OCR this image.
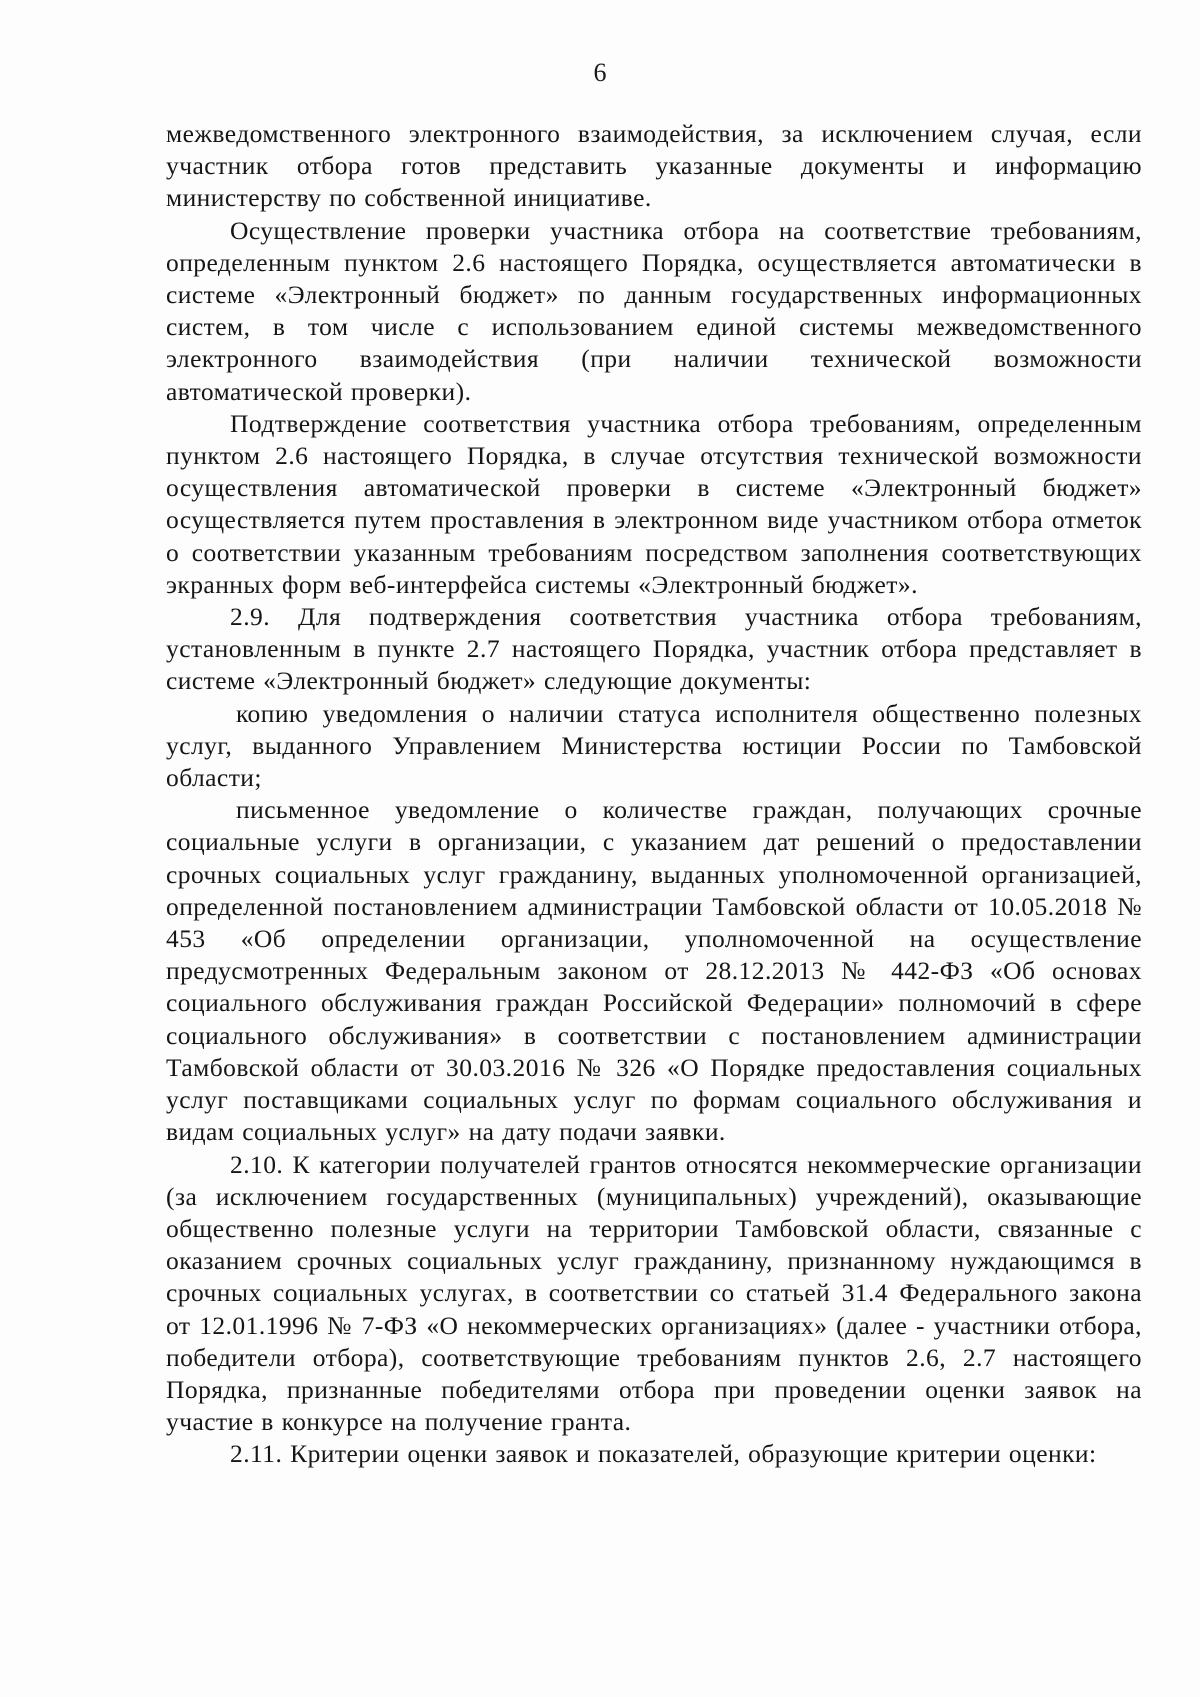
6

межведомственного электронного взаимодействия, за исключением случая, если участник отбора готов представить указанные документы и информацию министерству по собственной инициативе.

Осуществление проверки участника отбора на соответствие требованиям, определенным пунктом 2.6 настоящего Порядка, осуществляется автоматически в системе «Электронный бюджет» по данным государственных информационных систем, в том числе с использованием единой системы межведомственного электронного взаимодействия (при наличии технической возможности автоматической проверки).

Подтверждение соответствия участника отбора требованиям, определенным пунктом 2.6 настоящего Порядка, в случае отсутствия технической возможности осуществления автоматической проверки в системе «Электронный бюджет» осуществляется путем проставления в электронном виде участником отбора отметок о соответствии указанным требованиям посредством заполнения соответствующих экранных форм веб-интерфейса системы «Электронный бюджет».

2.9. Для подтверждения соответствия участника отбора требованиям, установленным в пункте 2.7 настоящего Порядка, участник отбора представляет в системе «Электронный бюджет» следующие документы:

копию уведомления о наличии статуса исполнителя общественно полезных услуг, выданного Управлением Министерства юстиции России по Тамбовской области;

письменное уведомление о количестве граждан, получающих срочные социальные услуги в организации, с указанием дат решений о предоставлении срочных социальных услуг гражданину, выданных уполномоченной организацией, определенной постановлением администрации Тамбовской области от 10.05.2018 № 453 «Об определении организации, уполномоченной на осуществление предусмотренных Федеральным законом от 28.12.2013 № 442-ФЗ «Об основах социального обслуживания граждан Российской Федерации» полномочий в сфере социального обслуживания» в соответствии с постановлением администрации Тамбовской области от 30.03.2016 № 326 «О Порядке предоставления социальных услуг поставщиками социальных услуг по формам социального обслуживания и видам социальных услуг» на дату подачи заявки.

2.10. К категории получателей грантов относятся некоммерческие организации (за исключением государственных (муниципальных) учреждений), оказывающие общественно полезные услуги на территории Тамбовской области, связанные с оказанием срочных социальных услуг гражданину, признанному нуждающимся в срочных социальных услугах, в соответствии со статьей 31.4 Федерального закона от 12.01.1996 № 7-ФЗ «О некоммерческих организациях» (далее - участники отбора, победители отбора), соответствующие требованиям пунктов 2.6, 2.7 настоящего Порядка, признанные победителями отбора при проведении оценки заявок на участие в конкурсе на получение гранта.

2.11. Критерии оценки заявок и показателей, образующие критерии оценки:
